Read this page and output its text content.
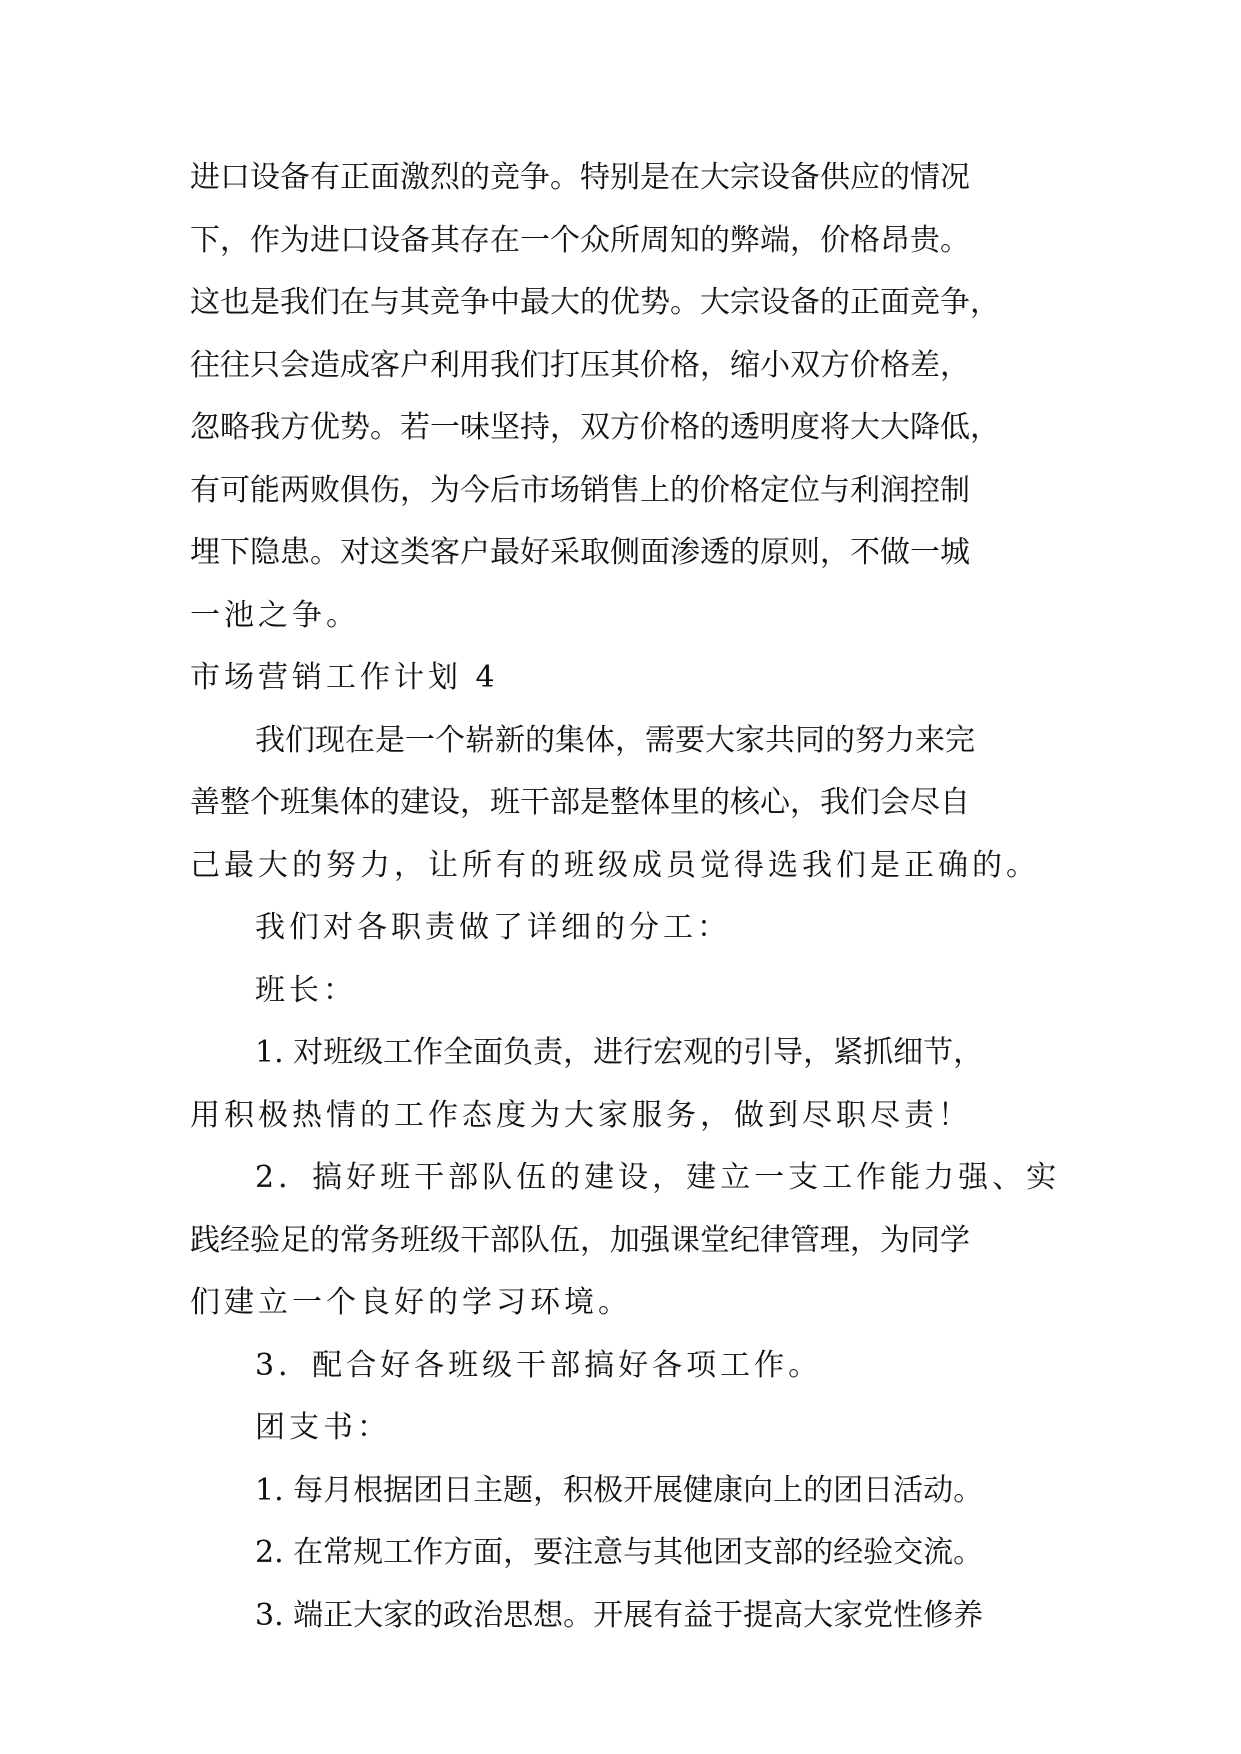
进口设备有正面激烈的竞争。特别是在大宗设备供应的情况
下，作为进口设备其存在一个众所周知的弊端，价格昂贵。
这也是我们在与其竞争中最大的优势。大宗设备的正面竞争，
往往只会造成客户利用我们打压其价格，缩小双方价格差，
忽略我方优势。若一味坚持，双方价格的透明度将大大降低，
有可能两败俱伤，为今后市场销售上的价格定位与利润控制
埋下隐患。对这类客户最好采取侧面渗透的原则，不做一城
一池之争。
市场营销工作计划 4
我们现在是一个崭新的集体，需要大家共同的努力来完
善整个班集体的建设，班干部是整体里的核心，我们会尽自
己最大的努力，让所有的班级成员觉得选我们是正确的。
我们对各职责做了详细的分工：
班长：
1. 对班级工作全面负责，进行宏观的引导，紧抓细节，
用积极热情的工作态度为大家服务，做到尽职尽责！
2．搞好班干部队伍的建设，建立一支工作能力强、实
践经验足的常务班级干部队伍，加强课堂纪律管理，为同学
们建立一个良好的学习环境。
3．配合好各班级干部搞好各项工作。
团支书：
1. 每月根据团日主题，积极开展健康向上的团日活动。
2. 在常规工作方面，要注意与其他团支部的经验交流。
3. 端正大家的政治思想。开展有益于提高大家党性修养
